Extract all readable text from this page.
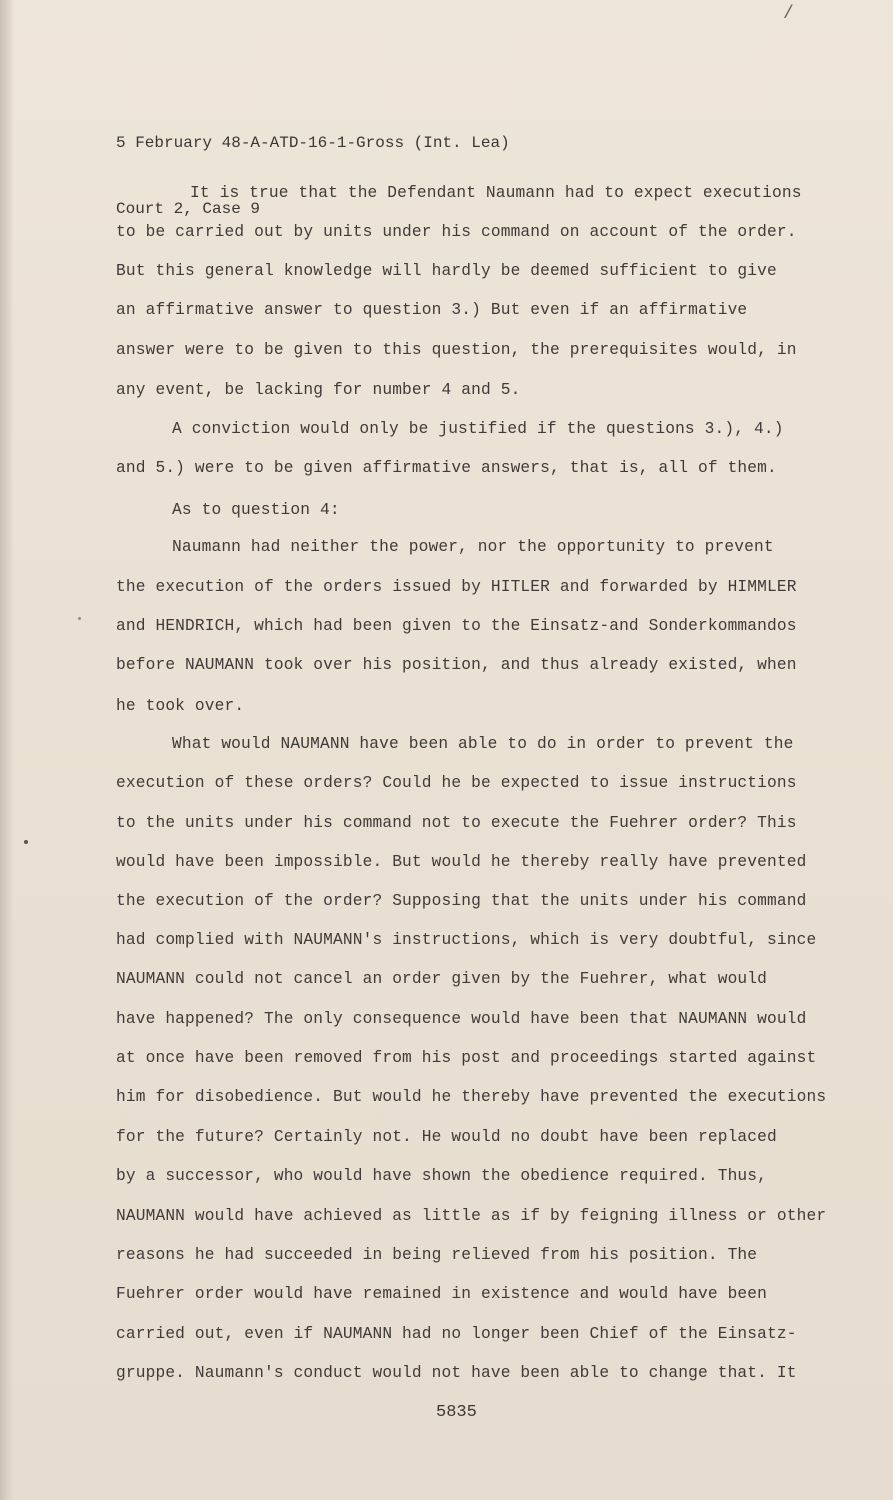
/

5 February 48-A-ATD-16-1-Gross (Int. Lea)

Court 2, Case 9

It is true that the Defendant Naumann had to expect executions
to be carried out by units under his command on account of the order.
But this general knowledge will hardly be deemed sufficient to give
an affirmative answer to question 3.) But even if an affirmative
answer were to be given to this question, the prerequisites would, in
any event, be lacking for number 4 and 5.
A conviction would only be justified if the questions 3.), 4.)
and 5.) were to be given affirmative answers, that is, all of them.
As to question 4:
Naumann had neither the power, nor the opportunity to prevent
the execution of the orders issued by HITLER and forwarded by HIMMLER
and HENDRICH, which had been given to the Einsatz-and Sonderkommandos
before NAUMANN took over his position, and thus already existed, when
he took over.
What would NAUMANN have been able to do in order to prevent the
execution of these orders? Could he be expected to issue instructions
to the units under his command not to execute the Fuehrer order? This
would have been impossible. But would he thereby really have prevented
the execution of the order? Supposing that the units under his command
had complied with NAUMANN's instructions, which is very doubtful, since
NAUMANN could not cancel an order given by the Fuehrer, what would
have happened? The only consequence would have been that NAUMANN would
at once have been removed from his post and proceedings started against
him for disobedience. But would he thereby have prevented the executions
for the future? Certainly not. He would no doubt have been replaced
by a successor, who would have shown the obedience required. Thus,
NAUMANN would have achieved as little as if by feigning illness or other
reasons he had succeeded in being relieved from his position. The
Fuehrer order would have remained in existence and would have been
carried out, even if NAUMANN had no longer been Chief of the Einsatz-
gruppe. Naumann's conduct would not have been able to change that. It
5835
